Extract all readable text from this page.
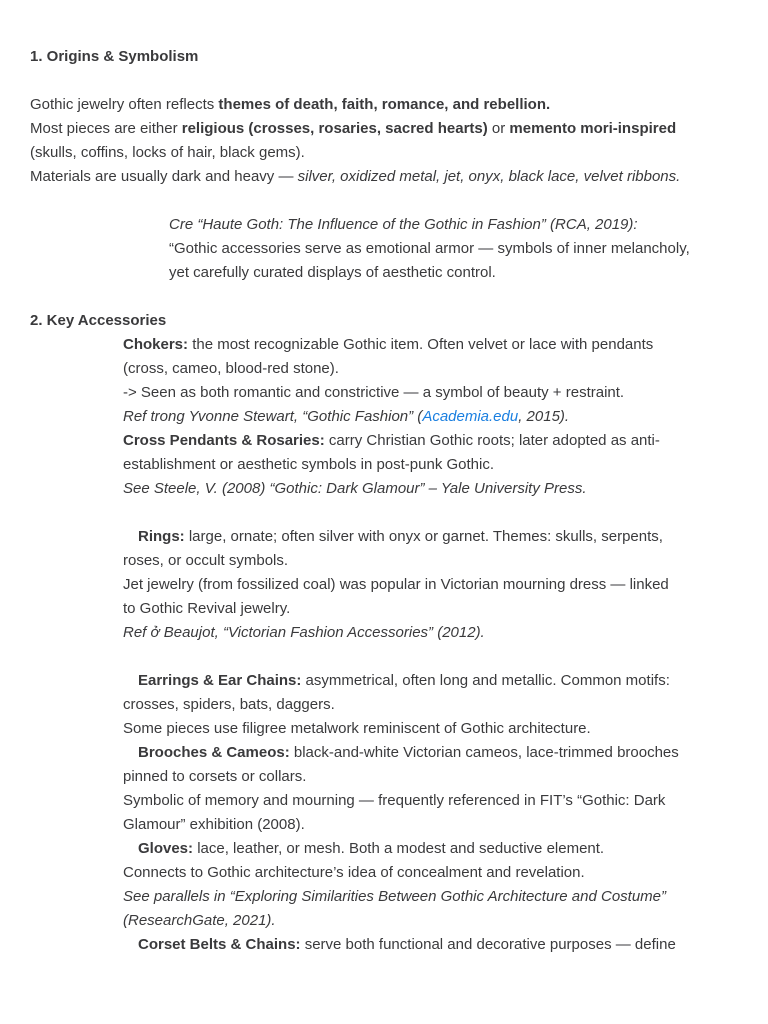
1. Origins & Symbolism
Gothic jewelry often reflects themes of death, faith, romance, and rebellion.
Most pieces are either religious (crosses, rosaries, sacred hearts) or memento mori-inspired
(skulls, coffins, locks of hair, black gems).
Materials are usually dark and heavy — silver, oxidized metal, jet, onyx, black lace, velvet ribbons.
Cre “Haute Goth: The Influence of the Gothic in Fashion” (RCA, 2019):
“Gothic accessories serve as emotional armor — symbols of inner melancholy,
yet carefully curated displays of aesthetic control.
2. Key Accessories
Chokers: the most recognizable Gothic item. Often velvet or lace with pendants
(cross, cameo, blood-red stone).
-> Seen as both romantic and constrictive — a symbol of beauty + restraint.
Ref trong Yvonne Stewart, “Gothic Fashion” (Academia.edu, 2015).
Cross Pendants & Rosaries: carry Christian Gothic roots; later adopted as anti-
establishment or aesthetic symbols in post-punk Gothic.
See Steele, V. (2008) “Gothic: Dark Glamour” – Yale University Press.
Rings: large, ornate; often silver with onyx or garnet. Themes: skulls, serpents,
roses, or occult symbols.
Jet jewelry (from fossilized coal) was popular in Victorian mourning dress — linked
to Gothic Revival jewelry.
Ref ở Beaujot, “Victorian Fashion Accessories” (2012).
Earrings & Ear Chains: asymmetrical, often long and metallic. Common motifs:
crosses, spiders, bats, daggers.
Some pieces use filigree metalwork reminiscent of Gothic architecture.
Brooches & Cameos: black-and-white Victorian cameos, lace-trimmed brooches
pinned to corsets or collars.
Symbolic of memory and mourning — frequently referenced in FIT’s “Gothic: Dark
Glamour” exhibition (2008).
Gloves: lace, leather, or mesh. Both a modest and seductive element.
Connects to Gothic architecture’s idea of concealment and revelation.
See parallels in “Exploring Similarities Between Gothic Architecture and Costume”
(ResearchGate, 2021).
Corset Belts & Chains: serve both functional and decorative purposes — define
